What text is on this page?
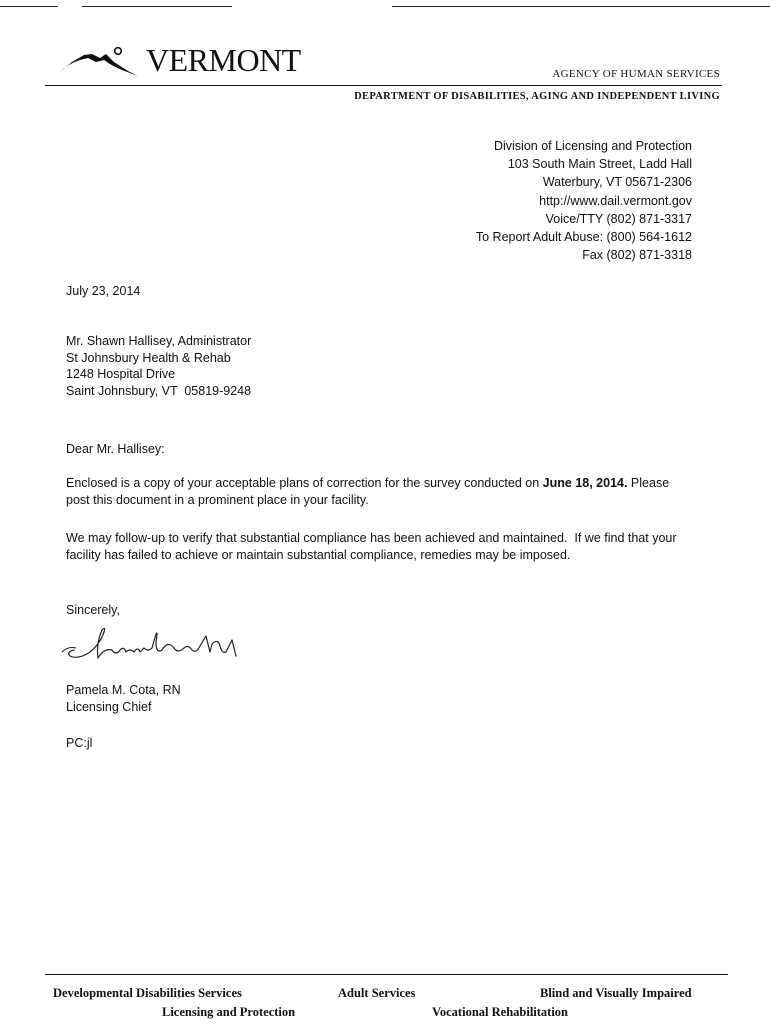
VERMONT	AGENCY OF HUMAN SERVICES
DEPARTMENT OF DISABILITIES, AGING AND INDEPENDENT LIVING
Division of Licensing and Protection
103 South Main Street, Ladd Hall
Waterbury, VT 05671-2306
http://www.dail.vermont.gov
Voice/TTY (802) 871-3317
To Report Adult Abuse: (800) 564-1612
Fax (802) 871-3318
July 23, 2014
Mr. Shawn Hallisey, Administrator
St Johnsbury Health & Rehab
1248 Hospital Drive
Saint Johnsbury, VT  05819-9248
Dear Mr. Hallisey:
Enclosed is a copy of your acceptable plans of correction for the survey conducted on June 18, 2014. Please post this document in a prominent place in your facility.
We may follow-up to verify that substantial compliance has been achieved and maintained.  If we find that your facility has failed to achieve or maintain substantial compliance, remedies may be imposed.
Sincerely,
Pamela M. Cota, RN
Licensing Chief
PC:jl
Developmental Disabilities Services	Adult Services	Blind and Visually Impaired
Licensing and Protection	Vocational Rehabilitation
